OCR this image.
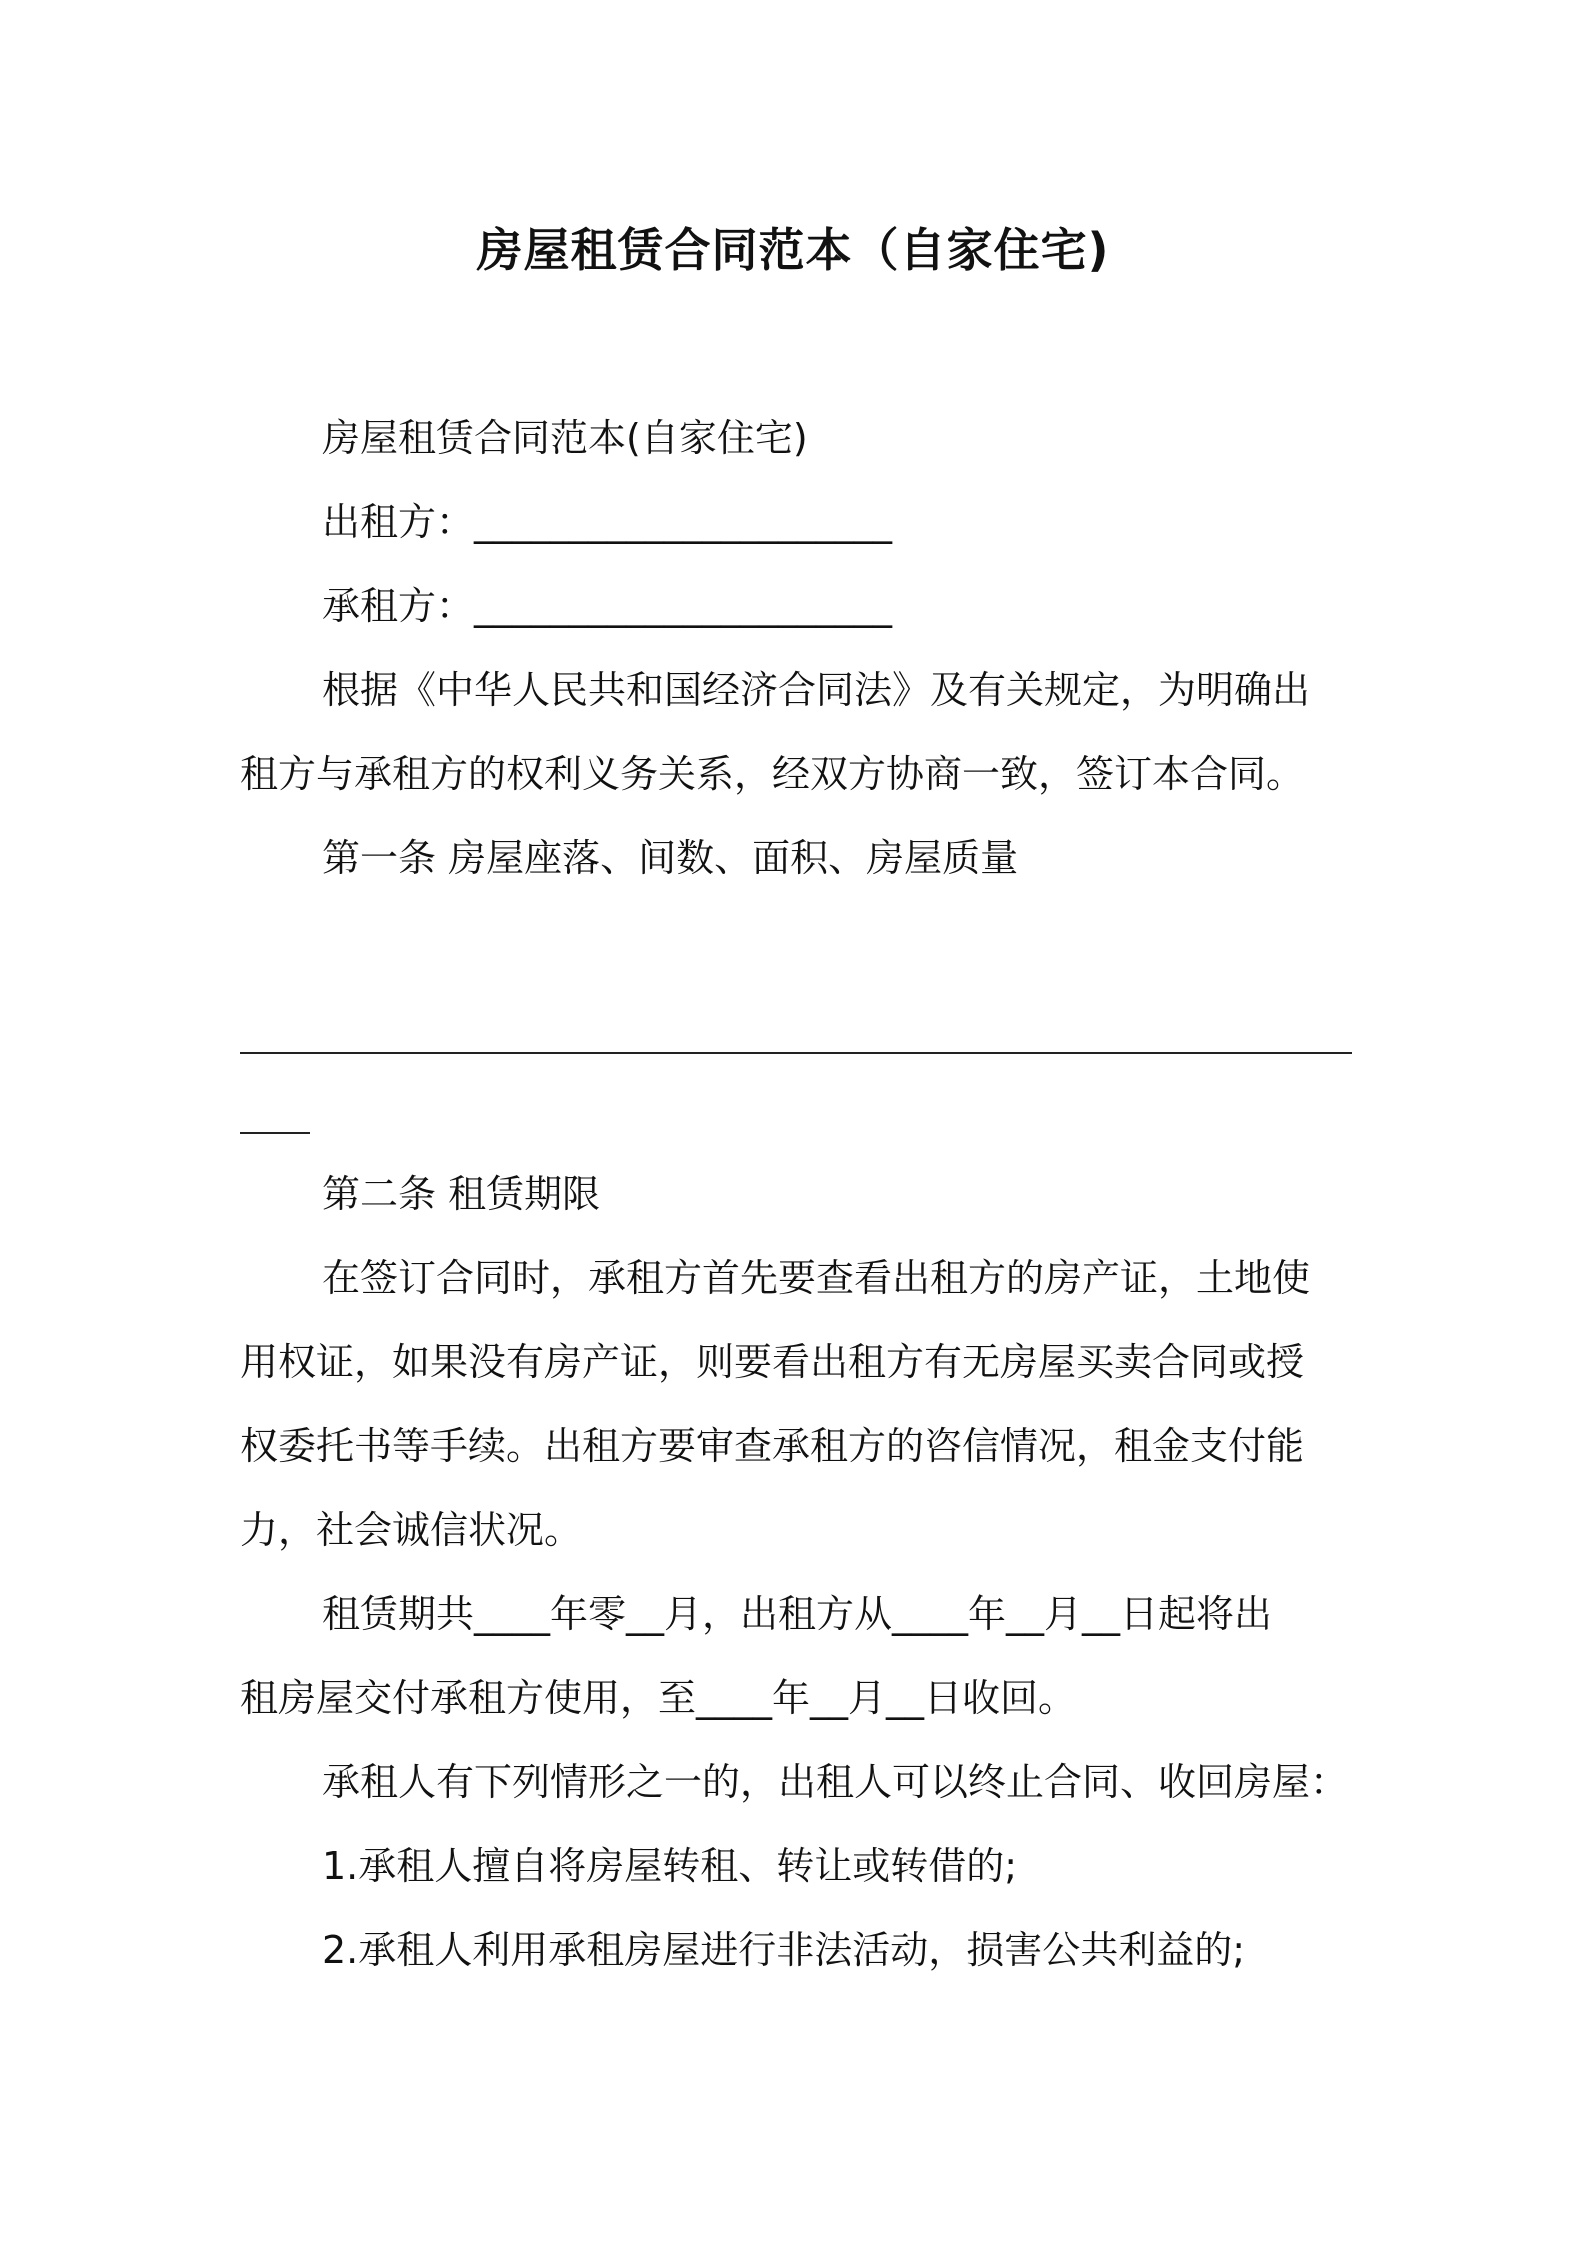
房屋租赁合同范本（自家住宅)
房屋租赁合同范本(自家住宅)
出租方：______________________
承租方：______________________
根据《中华人民共和国经济合同法》及有关规定，为明确出
租方与承租方的权利义务关系，经双方协商一致，签订本合同。
第一条 房屋座落、间数、面积、房屋质量
第二条 租赁期限
在签订合同时，承租方首先要查看出租方的房产证，土地使
用权证，如果没有房产证，则要看出租方有无房屋买卖合同或授
权委托书等手续。出租方要审查承租方的咨信情况，租金支付能
力，社会诚信状况。
租赁期共____年零__月，出租方从____年__月__日起将出
租房屋交付承租方使用，至____年__月__日收回。
承租人有下列情形之一的，出租人可以终止合同、收回房屋：
1.承租人擅自将房屋转租、转让或转借的;
2.承租人利用承租房屋进行非法活动，损害公共利益的;
